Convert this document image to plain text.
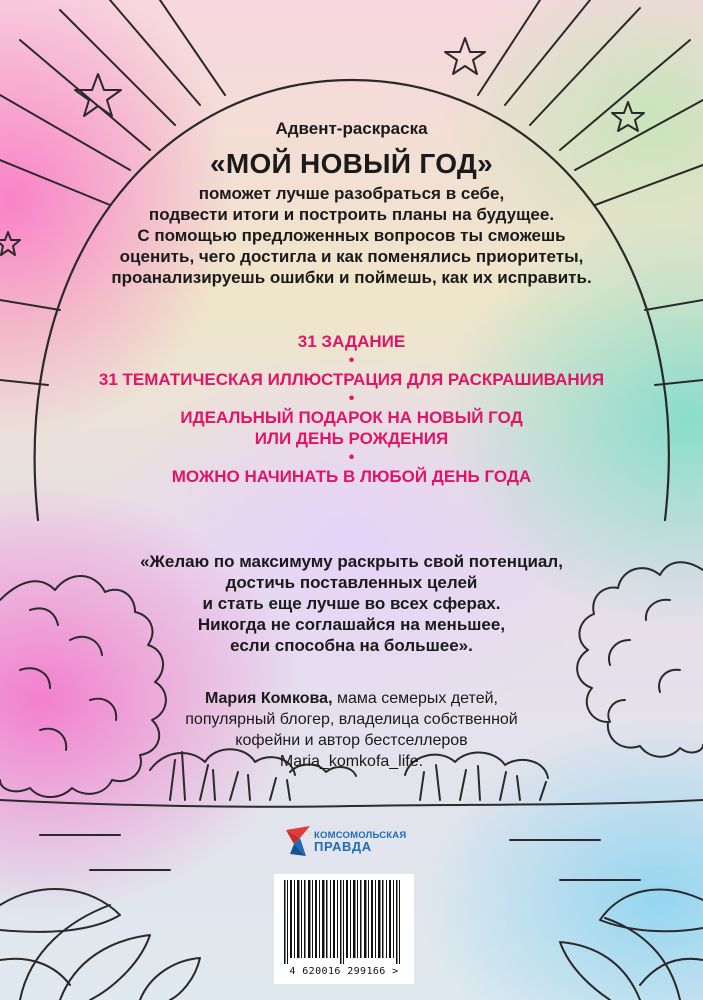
Адвент-раскраска
«МОЙ НОВЫЙ ГОД»
поможет лучше разобраться в себе,
подвести итоги и построить планы на будущее.
С помощью предложенных вопросов ты сможешь
оценить, чего достигла и как поменялись приоритеты,
проанализируешь ошибки и поймешь, как их исправить.
31 ЗАДАНИЕ
•
31 ТЕМАТИЧЕСКАЯ ИЛЛЮСТРАЦИЯ ДЛЯ РАСКРАШИВАНИЯ
•
ИДЕАЛЬНЫЙ ПОДАРОК НА НОВЫЙ ГОД
ИЛИ ДЕНЬ РОЖДЕНИЯ
•
МОЖНО НАЧИНАТЬ В ЛЮБОЙ ДЕНЬ ГОДА
«Желаю по максимуму раскрыть свой потенциал,
достичь поставленных целей
и стать еще лучше во всех сферах.
Никогда не соглашайся на меньшее,
если способна на большее».
Мария Комкова, мама семерых детей,
популярный блогер, владелица собственной
кофейни и автор бестселлеров
Maria_komkofa_life.
КОМСОМОЛЬСКАЯ
ПРАВДА
4 620016 299166 >
